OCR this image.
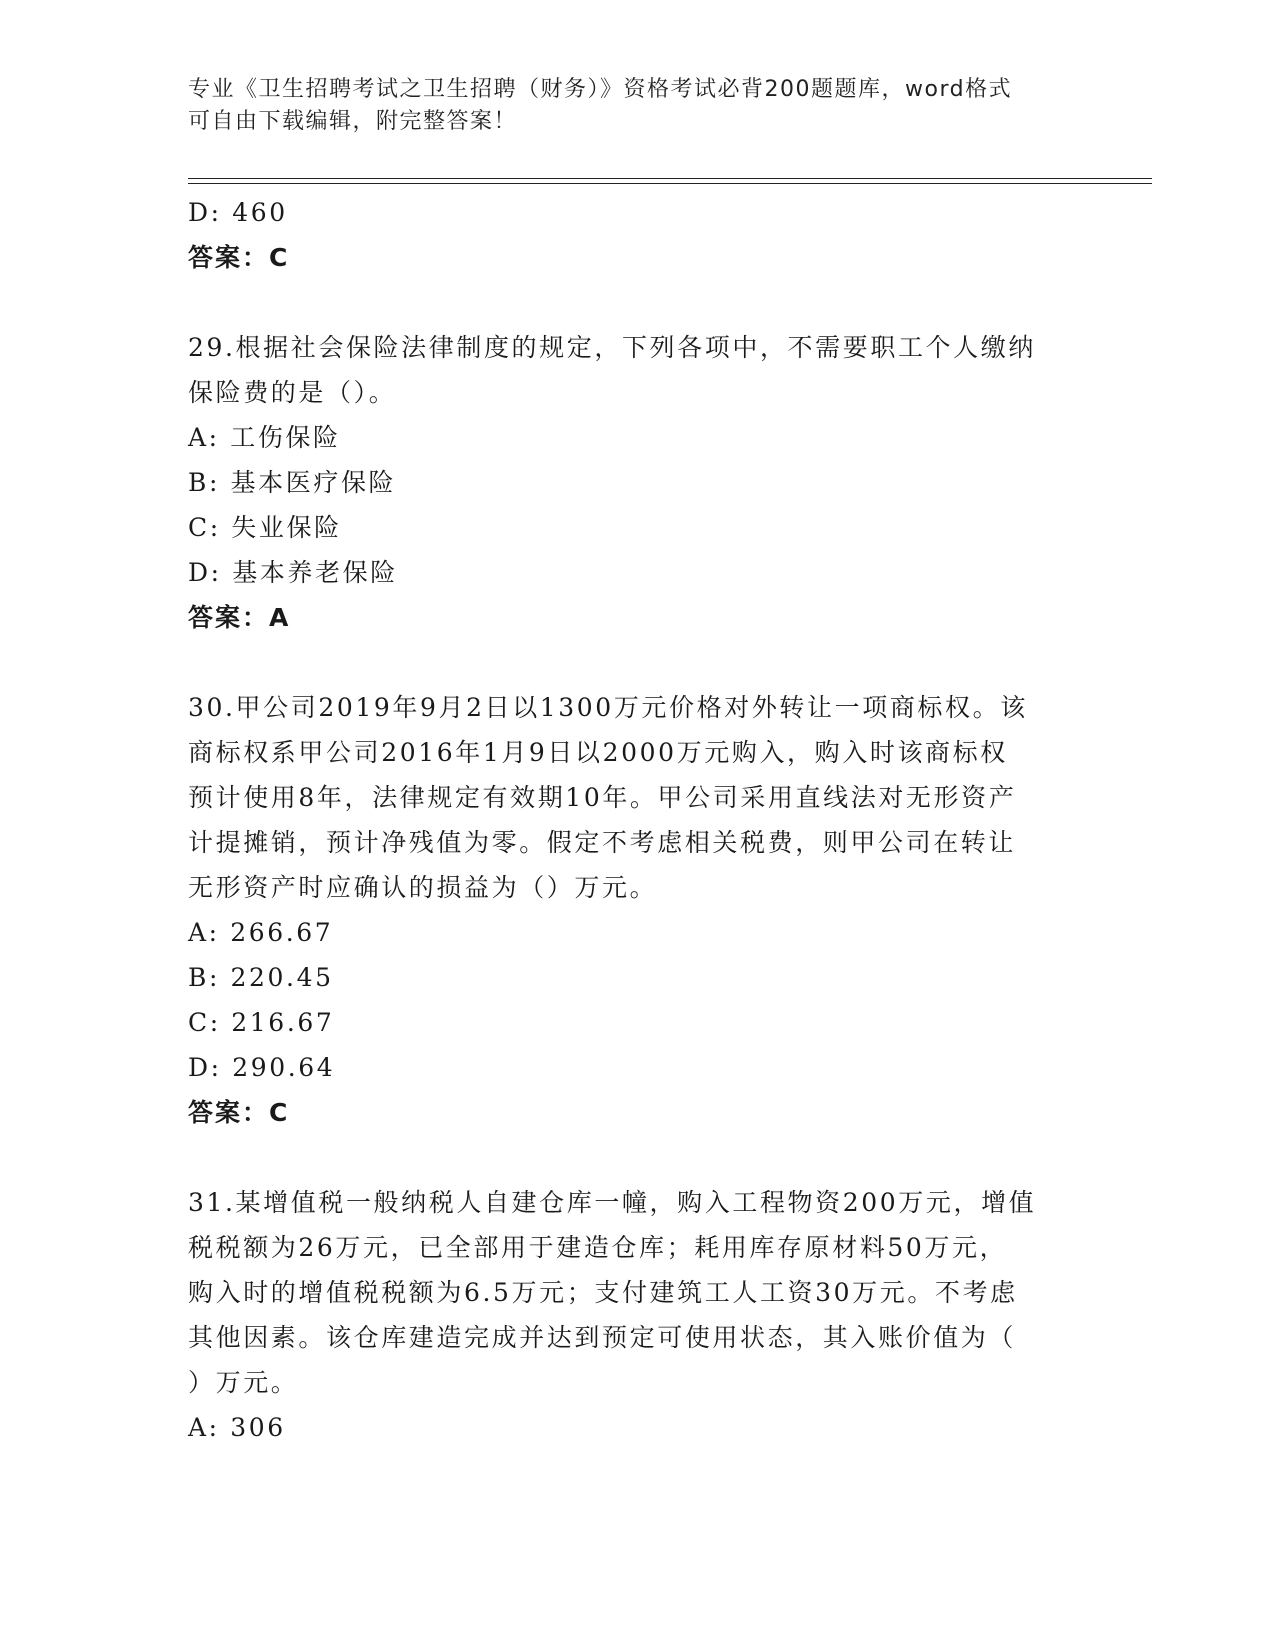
专业《卫生招聘考试之卫生招聘（财务）》资格考试必背200题题库，word格式
可自由下载编辑，附完整答案！
D: 460
答案：C
29.根据社会保险法律制度的规定，下列各项中，不需要职工个人缴纳
保险费的是（）。
A: 工伤保险
B: 基本医疗保险
C: 失业保险
D: 基本养老保险
答案：A
30.甲公司2019年9月2日以1300万元价格对外转让一项商标权。该
商标权系甲公司2016年1月9日以2000万元购入，购入时该商标权
预计使用8年，法律规定有效期10年。甲公司采用直线法对无形资产
计提摊销，预计净残值为零。假定不考虑相关税费，则甲公司在转让
无形资产时应确认的损益为（）万元。
A: 266.67
B: 220.45
C: 216.67
D: 290.64
答案：C
31.某增值税一般纳税人自建仓库一幢，购入工程物资200万元，增值
税税额为26万元，已全部用于建造仓库；耗用库存原材料50万元，
购入时的增值税税额为6.5万元；支付建筑工人工资30万元。不考虑
其他因素。该仓库建造完成并达到预定可使用状态，其入账价值为（
）万元。
A: 306
